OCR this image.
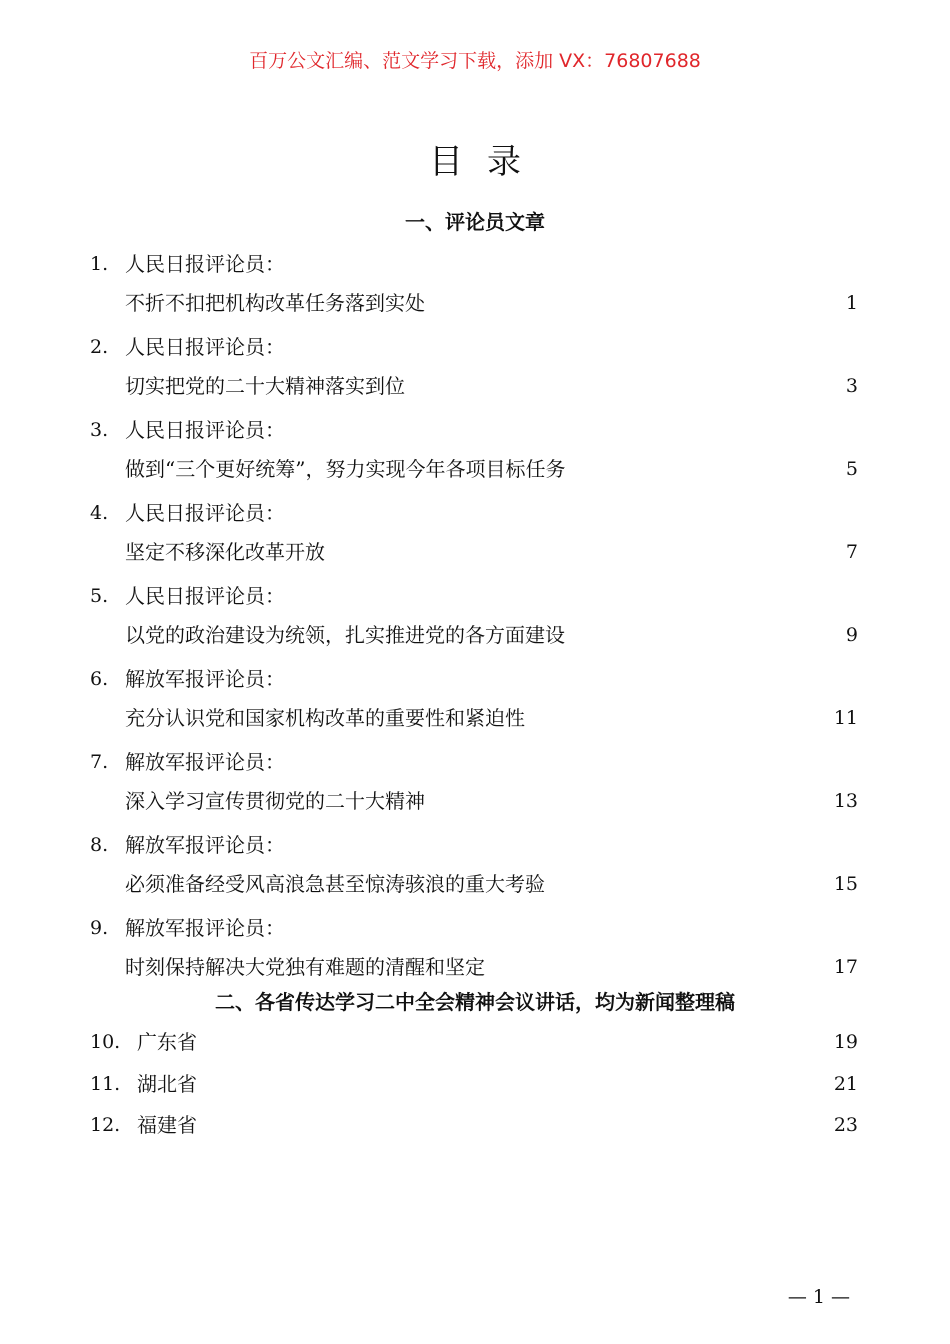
百万公文汇编、范文学习下载，添加 VX：76807688
目录
一、评论员文章
1. 人民日报评论员：
不折不扣把机构改革任务落到实处	1
2. 人民日报评论员：
切实把党的二十大精神落实到位	3
3. 人民日报评论员：
做到“三个更好统筹”，努力实现今年各项目标任务	5
4. 人民日报评论员：
坚定不移深化改革开放	7
5. 人民日报评论员：
以党的政治建设为统领，扎实推进党的各方面建设	9
6. 解放军报评论员：
充分认识党和国家机构改革的重要性和紧迫性	11
7. 解放军报评论员：
深入学习宣传贯彻党的二十大精神	13
8. 解放军报评论员：
必须准备经受风高浪急甚至惊涛骇浪的重大考验	15
9. 解放军报评论员：
时刻保持解决大党独有难题的清醒和坚定	17
二、各省传达学习二中全会精神会议讲话，均为新闻整理稿
10. 广东省	19
11. 湖北省	21
12. 福建省	23
— 1 —
